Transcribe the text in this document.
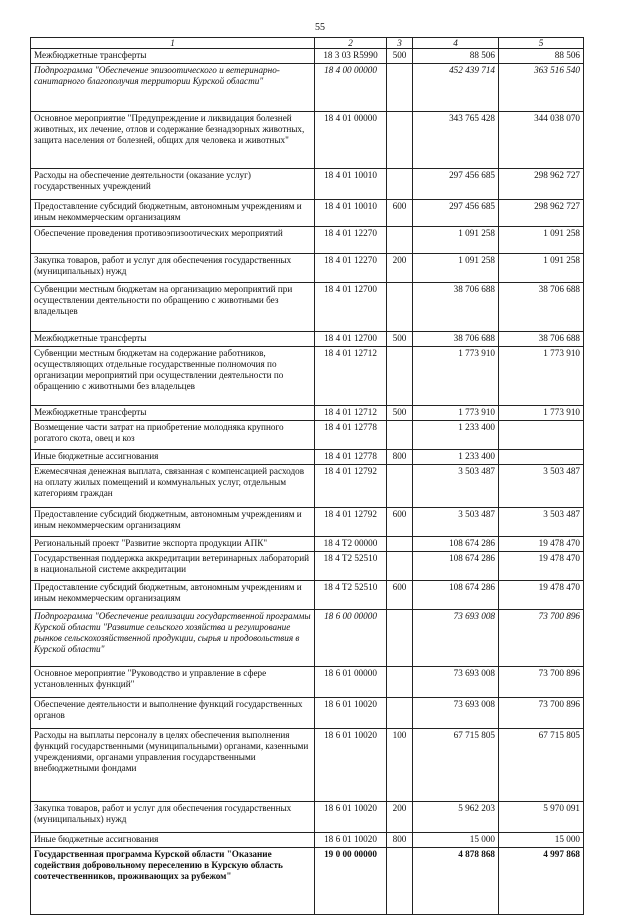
55
1	2	3	4	5
Межбюджетные трансферты	18 3 03 R5990	500	88 506	88 506
Подпрограмма "Обеспечение эпизоотического и ветеринарно-санитарного благополучия территории Курской области"	18 4 00 00000		452 439 714	363 516 540
Основное мероприятие "Предупреждение и ликвидация болезней животных, их лечение, отлов и содержание безнадзорных животных, защита населения от болезней, общих для человека и животных"	18 4 01 00000		343 765 428	344 038 070
Расходы на обеспечение деятельности (оказание услуг) государственных учреждений	18 4 01 10010		297 456 685	298 962 727
Предоставление субсидий бюджетным, автономным учреждениям и иным некоммерческим организациям	18 4 01 10010	600	297 456 685	298 962 727
Обеспечение проведения противоэпизоотических мероприятий	18 4 01 12270		1 091 258	1 091 258
Закупка товаров, работ и услуг для обеспечения государственных (муниципальных) нужд	18 4 01 12270	200	1 091 258	1 091 258
Субвенции местным бюджетам на организацию мероприятий при осуществлении деятельности по обращению с животными без владельцев	18 4 01 12700		38 706 688	38 706 688
Межбюджетные трансферты	18 4 01 12700	500	38 706 688	38 706 688
Субвенции местным бюджетам на содержание работников, осуществляющих отдельные государственные полномочия по организации мероприятий при осуществлении деятельности по обращению с животными без владельцев	18 4 01 12712		1 773 910	1 773 910
Межбюджетные трансферты	18 4 01 12712	500	1 773 910	1 773 910
Возмещение части затрат на приобретение молодняка крупного рогатого скота, овец и коз	18 4 01 12778		1 233 400	
Иные бюджетные ассигнования	18 4 01 12778	800	1 233 400	
Ежемесячная денежная выплата, связанная с компенсацией расходов на оплату жилых помещений и коммунальных услуг, отдельным категориям граждан	18 4 01 12792		3 503 487	3 503 487
Предоставление субсидий бюджетным, автономным учреждениям и иным некоммерческим организациям	18 4 01 12792	600	3 503 487	3 503 487
Региональный проект "Развитие экспорта продукции АПК"	18 4 T2 00000		108 674 286	19 478 470
Государственная поддержка аккредитации ветеринарных лабораторий в национальной системе аккредитации	18 4 T2 52510		108 674 286	19 478 470
Предоставление субсидий бюджетным, автономным учреждениям и иным некоммерческим организациям	18 4 T2 52510	600	108 674 286	19 478 470
Подпрограмма "Обеспечение реализации государственной программы Курской области "Развитие сельского хозяйства и регулирование рынков сельскохозяйственной продукции, сырья и продовольствия в Курской области"	18 6 00 00000		73 693 008	73 700 896
Основное мероприятие "Руководство и управление в сфере установленных функций"	18 6 01 00000		73 693 008	73 700 896
Обеспечение деятельности и выполнение функций государственных органов	18 6 01 10020		73 693 008	73 700 896
Расходы на выплаты персоналу в целях обеспечения выполнения функций государственными (муниципальными) органами, казенными учреждениями, органами управления государственными внебюджетными фондами	18 6 01 10020	100	67 715 805	67 715 805
Закупка товаров, работ и услуг для обеспечения государственных (муниципальных) нужд	18 6 01 10020	200	5 962 203	5 970 091
Иные бюджетные ассигнования	18 6 01 10020	800	15 000	15 000
Государственная программа Курской области "Оказание содействия добровольному переселению в Курскую область соотечественников, проживающих за рубежом"	19 0 00 00000		4 878 868	4 997 868
